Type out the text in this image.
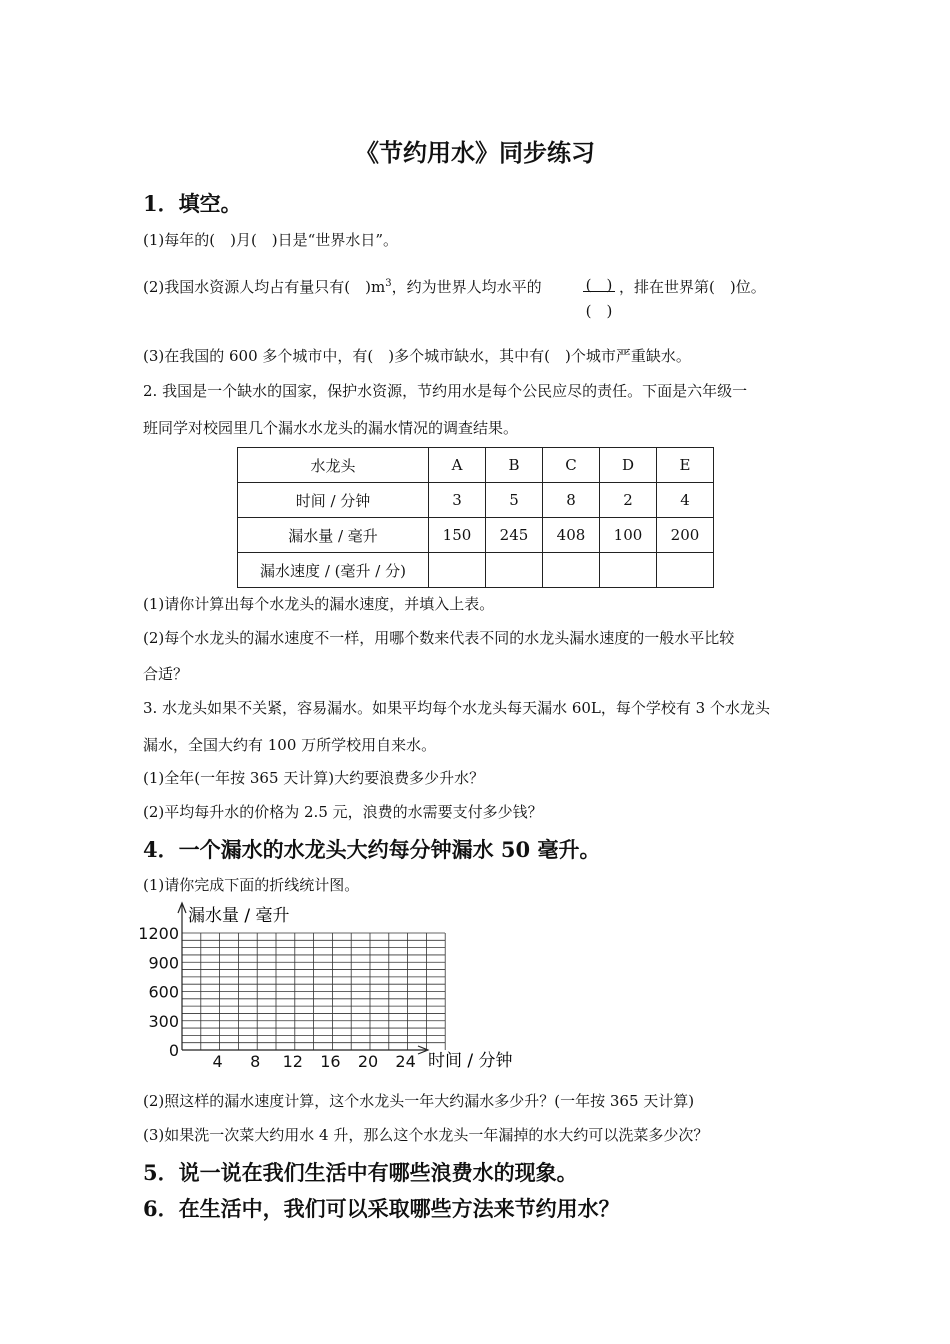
《节约用水》同步练习
1．填空。
(1)每年的(　)月(　)日是“世界水日”。
(2)我国水资源人均占有量只有(　)$m^3$，约为世界人均水平的	(　)
(　)
，排在世界第(　)位。
(3)在我国的 600 多个城市中，有(　)多个城市缺水，其中有(　)个城市严重缺水。
2. 我国是一个缺水的国家，保护水资源，节约用水是每个公民应尽的责任。下面是六年级一
班同学对校园里几个漏水水龙头的漏水情况的调查结果。
水龙头	A	B	C	D	E
时间 / 分钟	3	5	8	2	4
漏水量 / 毫升	150	245	408	100	200
漏水速度 / (毫升 / 分)					
(1)请你计算出每个水龙头的漏水速度，并填入上表。
(2)每个水龙头的漏水速度不一样，用哪个数来代表不同的水龙头漏水速度的一般水平比较
合适？
3. 水龙头如果不关紧，容易漏水。如果平均每个水龙头每天漏水 60L，每个学校有 3 个水龙头
漏水，全国大约有 100 万所学校用自来水。
(1)全年(一年按 365 天计算)大约要浪费多少升水？
(2)平均每升水的价格为 2.5 元，浪费的水需要支付多少钱？
4．一个漏水的水龙头大约每分钟漏水 50 毫升。
(1)请你完成下面的折线统计图。
0
300
600
900
1200
4 8 12 16 20 24
漏水量 / 毫升
时间 / 分钟
(2)照这样的漏水速度计算，这个水龙头一年大约漏水多少升？(一年按 365 天计算)
(3)如果洗一次菜大约用水 4 升，那么这个水龙头一年漏掉的水大约可以洗菜多少次？
5．说一说在我们生活中有哪些浪费水的现象。
6．在生活中，我们可以采取哪些方法来节约用水？
